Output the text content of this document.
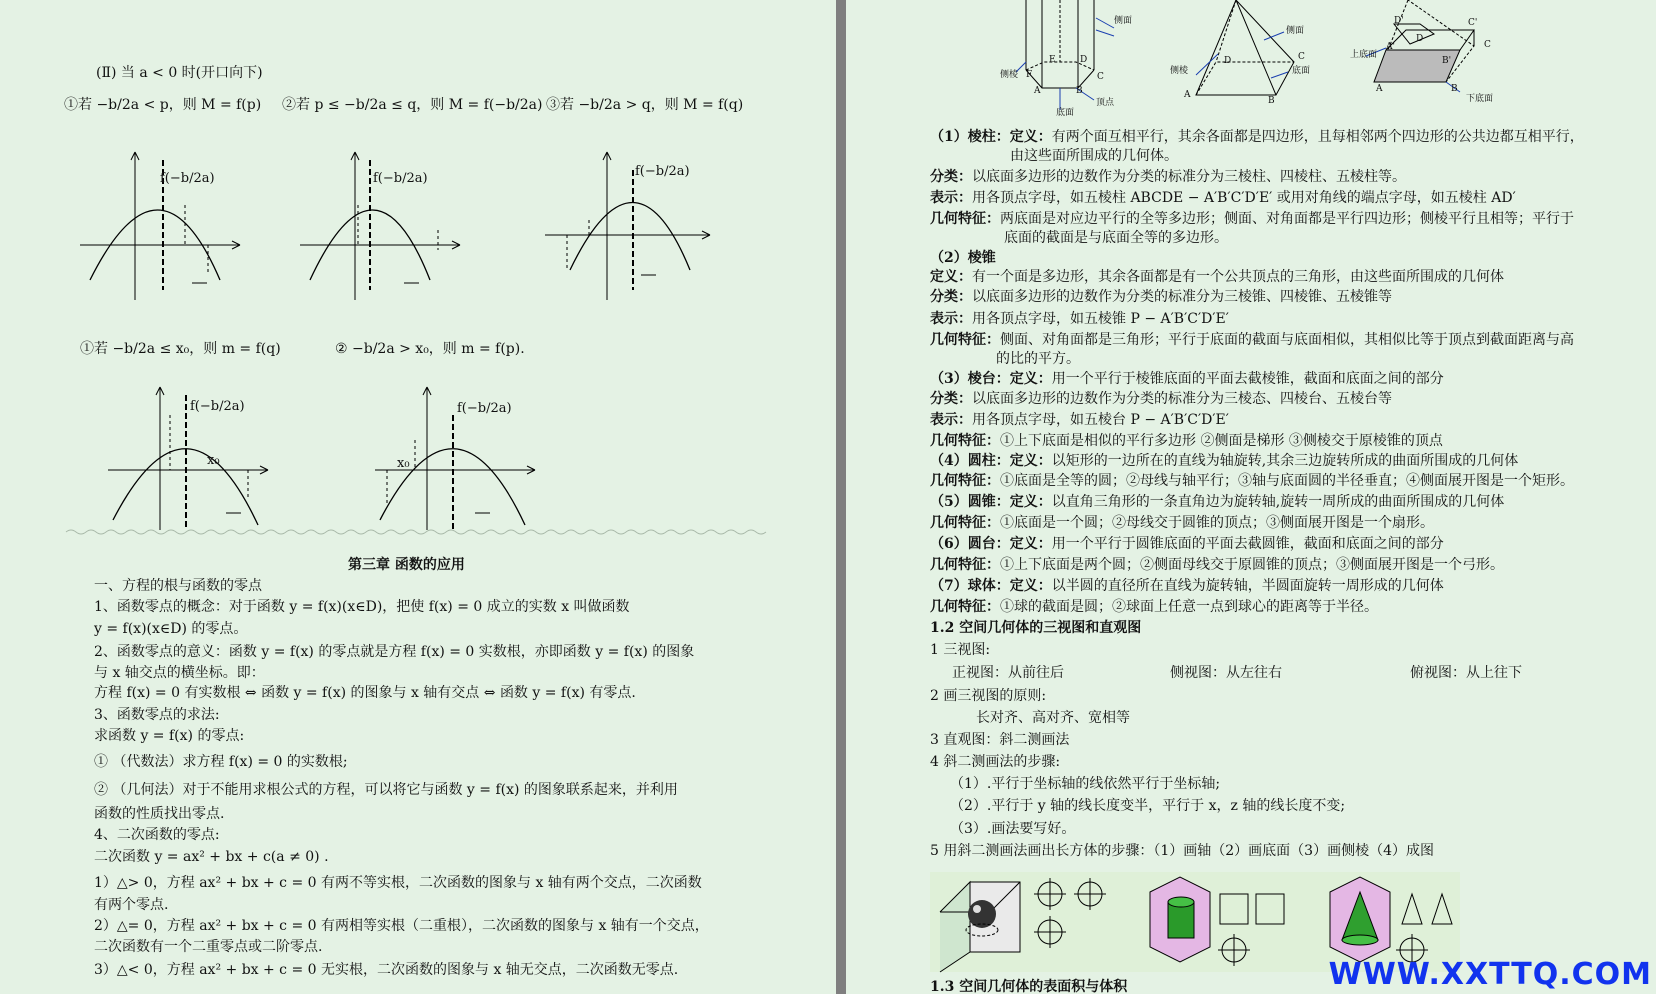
(Ⅱ) 当 a < 0 时(开口向下)
①若 −b/2a < p，则 M = f(p) ②若 p ≤ −b/2a ≤ q，则 M = f(−b/2a) ③若 −b/2a > q，则 M = f(q)
f(−b/2a)	f(−b/2a)	f(−b/2a)
①若 −b/2a ≤ x₀，则 m = f(q)	② −b/2a > x₀，则 m = f(p).
f(−b/2a)
x₀
f(−b/2a)
x₀
第三章 函数的应用
一、方程的根与函数的零点
1、函数零点的概念：对于函数 y = f(x)(x∈D)，把使 f(x) = 0 成立的实数 x 叫做函数
y = f(x)(x∈D) 的零点。
2、函数零点的意义：函数 y = f(x) 的零点就是方程 f(x) = 0 实数根，亦即函数 y = f(x) 的图象
与 x 轴交点的横坐标。即：
方程 f(x) = 0 有实数根 ⇔ 函数 y = f(x) 的图象与 x 轴有交点 ⇔ 函数 y = f(x) 有零点.
3、函数零点的求法:
求函数 y = f(x) 的零点:
① （代数法）求方程 f(x) = 0 的实数根;
② （几何法）对于不能用求根公式的方程，可以将它与函数 y = f(x) 的图象联系起来，并利用
函数的性质找出零点.
4、二次函数的零点:
二次函数 y = ax² + bx + c(a ≠ 0) .
1）△> 0，方程 ax² + bx + c = 0 有两不等实根，二次函数的图象与 x 轴有两个交点，二次函数
有两个零点.
2）△= 0，方程 ax² + bx + c = 0 有两相等实根（二重根），二次函数的图象与 x 轴有一个交点，
二次函数有一个二重零点或二阶零点.
3）△< 0，方程 ax² + bx + c = 0 无实根，二次函数的图象与 x 轴无交点，二次函数无零点.
侧面
侧棱 F
E	D
C
A	B
底面
顶点
侧面
侧棱
D	C
A
B
底面
D'	C'
A'
B'
D
C
上底面
A	B
下底面
（1）棱柱：定义：有两个面互相平行，其余各面都是四边形，且每相邻两个四边形的公共边都互相平行，
由这些面所围成的几何体。
分类：以底面多边形的边数作为分类的标准分为三棱柱、四棱柱、五棱柱等。
表示：用各顶点字母，如五棱柱 ABCDE − A′B′C′D′E′ 或用对角线的端点字母，如五棱柱 AD′
几何特征：两底面是对应边平行的全等多边形；侧面、对角面都是平行四边形；侧棱平行且相等；平行于
底面的截面是与底面全等的多边形。
（2）棱锥
定义：有一个面是多边形，其余各面都是有一个公共顶点的三角形，由这些面所围成的几何体
分类：以底面多边形的边数作为分类的标准分为三棱锥、四棱锥、五棱锥等
表示：用各顶点字母，如五棱锥 P − A′B′C′D′E′
几何特征：侧面、对角面都是三角形；平行于底面的截面与底面相似，其相似比等于顶点到截面距离与高
的比的平方。
（3）棱台：定义：用一个平行于棱锥底面的平面去截棱锥，截面和底面之间的部分
分类：以底面多边形的边数作为分类的标准分为三棱态、四棱台、五棱台等
表示：用各顶点字母，如五棱台 P − A′B′C′D′E′
几何特征：①上下底面是相似的平行多边形 ②侧面是梯形 ③侧棱交于原棱锥的顶点
（4）圆柱：定义：以矩形的一边所在的直线为轴旋转,其余三边旋转所成的曲面所围成的几何体
几何特征：①底面是全等的圆；②母线与轴平行；③轴与底面圆的半径垂直；④侧面展开图是一个矩形。
（5）圆锥：定义：以直角三角形的一条直角边为旋转轴,旋转一周所成的曲面所围成的几何体
几何特征：①底面是一个圆；②母线交于圆锥的顶点；③侧面展开图是一个扇形。
（6）圆台：定义：用一个平行于圆锥底面的平面去截圆锥，截面和底面之间的部分
几何特征：①上下底面是两个圆；②侧面母线交于原圆锥的顶点；③侧面展开图是一个弓形。
（7）球体：定义：以半圆的直径所在直线为旋转轴，半圆面旋转一周形成的几何体
几何特征：①球的截面是圆；②球面上任意一点到球心的距离等于半径。
1.2 空间几何体的三视图和直观图
1 三视图:
正视图：从前往后	侧视图：从左往右	俯视图：从上往下
2 画三视图的原则:
长对齐、高对齐、宽相等
3 直观图：斜二测画法
4 斜二测画法的步骤:
（1）.平行于坐标轴的线依然平行于坐标轴;
（2）.平行于 y 轴的线长度变半，平行于 x，z 轴的线长度不变;
（3）.画法要写好。
5 用斜二测画法画出长方体的步骤：（1）画轴（2）画底面（3）画侧棱（4）成图
1.3 空间几何体的表面积与体积	WWW.XXTTQ.COM
